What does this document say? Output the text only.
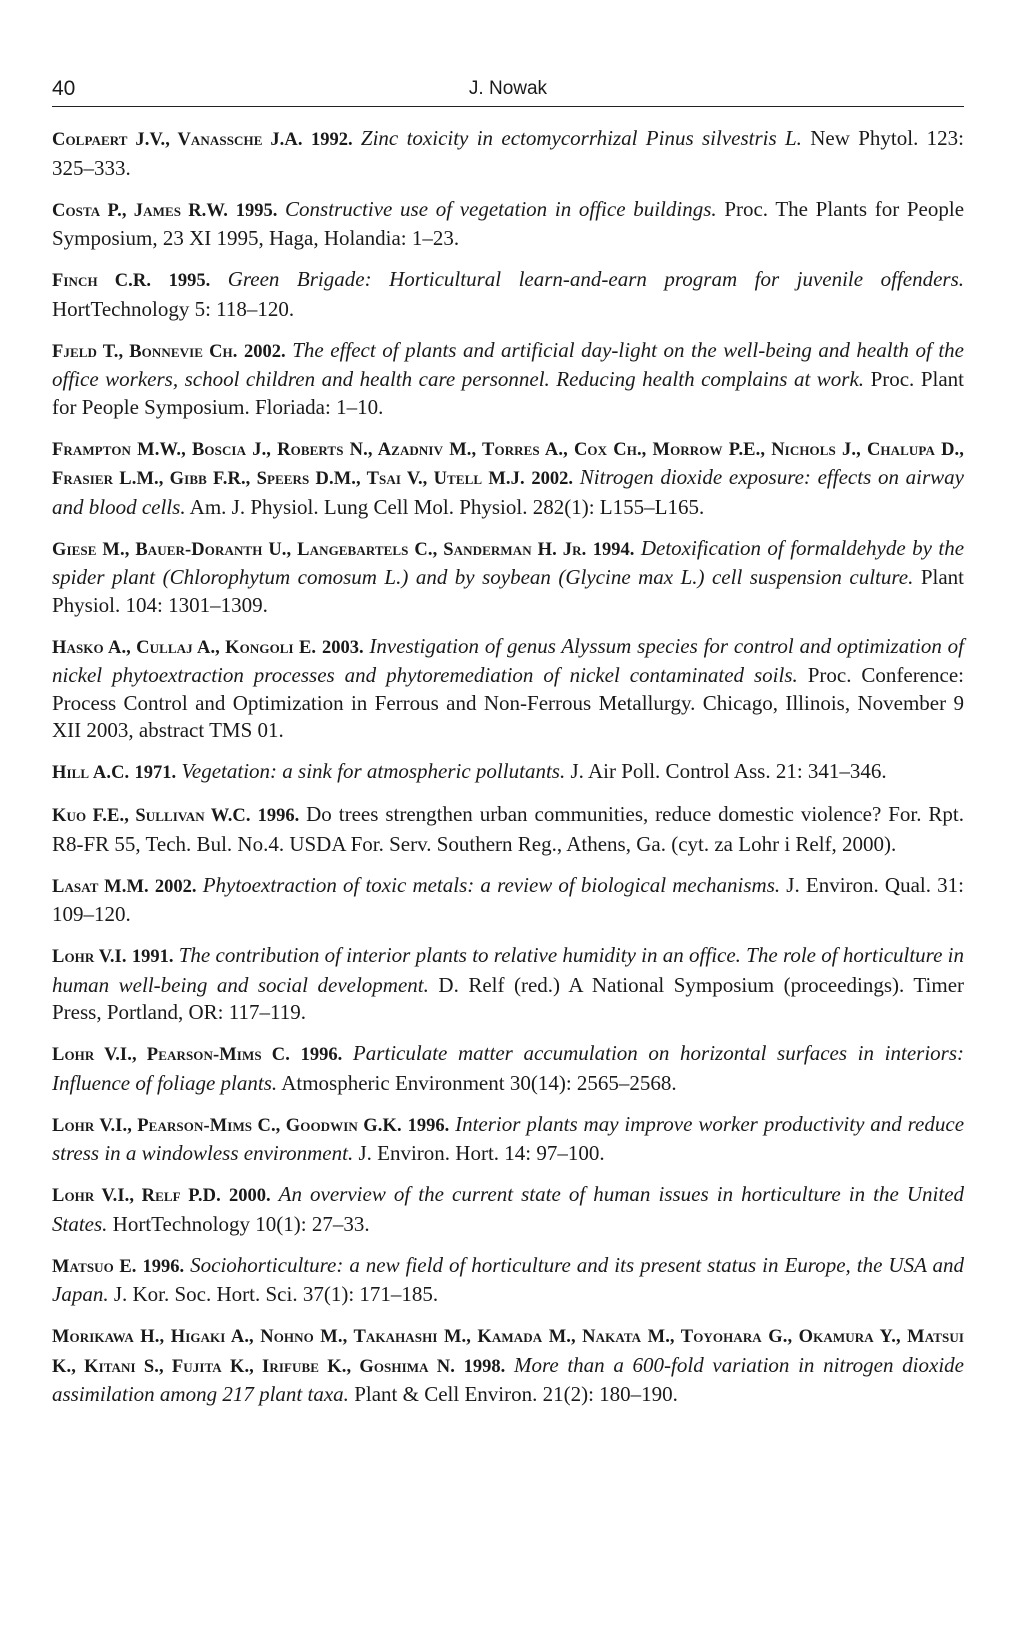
40	J. Nowak

Colpaert J.V., Vanassche J.A. 1992. Zinc toxicity in ectomycorrhizal Pinus silvestris L. New Phytol. 123: 325–333.

Costa P., James R.W. 1995. Constructive use of vegetation in office buildings. Proc. The Plants for People Symposium, 23 XI 1995, Haga, Holandia: 1–23.

Finch C.R. 1995. Green Brigade: Horticultural learn-and-earn program for juvenile offenders. HortTechnology 5: 118–120.

Fjeld T., Bonnevie Ch. 2002. The effect of plants and artificial day-light on the well-being and health of the office workers, school children and health care personnel. Reducing health complains at work. Proc. Plant for People Symposium. Floriada: 1–10.

Frampton M.W., Boscia J., Roberts N., Azadniv M., Torres A., Cox Ch., Morrow P.E., Nichols J., Chalupa D., Frasier L.M., Gibb F.R., Speers D.M., Tsai V., Utell M.J. 2002. Nitrogen dioxide exposure: effects on airway and blood cells. Am. J. Physiol. Lung Cell Mol. Physiol. 282(1): L155–L165.

Giese M., Bauer-Doranth U., Langebartels C., Sanderman H. Jr. 1994. Detoxification of formaldehyde by the spider plant (Chlorophytum comosum L.) and by soybean (Glycine max L.) cell suspension culture. Plant Physiol. 104: 1301–1309.

Hasko A., Cullaj A., Kongoli E. 2003. Investigation of genus Alyssum species for control and optimization of nickel phytoextraction processes and phytoremediation of nickel contaminated soils. Proc. Conference: Process Control and Optimization in Ferrous and Non-Ferrous Metallurgy. Chicago, Illinois, November 9 XII 2003, abstract TMS 01.

Hill A.C. 1971. Vegetation: a sink for atmospheric pollutants. J. Air Poll. Control Ass. 21: 341–346.

Kuo F.E., Sullivan W.C. 1996. Do trees strengthen urban communities, reduce domestic violence? For. Rpt. R8-FR 55, Tech. Bul. No.4. USDA For. Serv. Southern Reg., Athens, Ga. (cyt. za Lohr i Relf, 2000).

Lasat M.M. 2002. Phytoextraction of toxic metals: a review of biological mechanisms. J. Environ. Qual. 31: 109–120.

Lohr V.I. 1991. The contribution of interior plants to relative humidity in an office. The role of horticulture in human well-being and social development. D. Relf (red.) A National Symposium (proceedings). Timer Press, Portland, OR: 117–119.

Lohr V.I., Pearson-Mims C. 1996. Particulate matter accumulation on horizontal surfaces in interiors: Influence of foliage plants. Atmospheric Environment 30(14): 2565–2568.

Lohr V.I., Pearson-Mims C., Goodwin G.K. 1996. Interior plants may improve worker productivity and reduce stress in a windowless environment. J. Environ. Hort. 14: 97–100.

Lohr V.I., Relf P.D. 2000. An overview of the current state of human issues in horticulture in the United States. HortTechnology 10(1): 27–33.

Matsuo E. 1996. Sociohorticulture: a new field of horticulture and its present status in Europe, the USA and Japan. J. Kor. Soc. Hort. Sci. 37(1): 171–185.

Morikawa H., Higaki A., Nohno M., Takahashi M., Kamada M., Nakata M., Toyohara G., Okamura Y., Matsui K., Kitani S., Fujita K., Irifube K., Goshima N. 1998. More than a 600-fold variation in nitrogen dioxide assimilation among 217 plant taxa. Plant & Cell Environ. 21(2): 180–190.
